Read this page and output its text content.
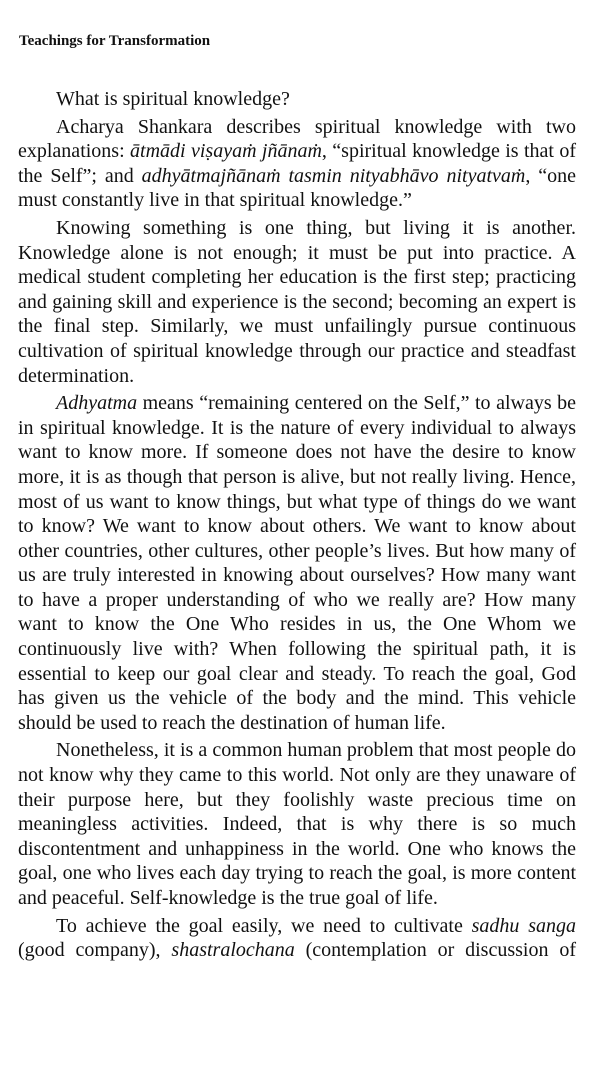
Teachings for Transformation

What is spiritual knowledge?

Acharya Shankara describes spiritual knowledge with two explanations: ātmādi viṣayaṁ jñānaṁ, “spiritual knowledge is that of the Self”; and adhyātmajñānaṁ tasmin nityabhāvo nityatvaṁ, “one must constantly live in that spiritual knowledge.”

Knowing something is one thing, but living it is another. Knowledge alone is not enough; it must be put into practice. A medical student completing her education is the first step; practicing and gaining skill and experience is the second; becoming an expert is the final step. Similarly, we must unfailingly pursue continuous cultivation of spiritual knowledge through our practice and steadfast determination.

Adhyatma means “remaining centered on the Self,” to always be in spiritual knowledge. It is the nature of every individual to always want to know more. If someone does not have the desire to know more, it is as though that person is alive, but not really living. Hence, most of us want to know things, but what type of things do we want to know? We want to know about others. We want to know about other countries, other cultures, other people’s lives. But how many of us are truly interested in knowing about ourselves? How many want to have a proper understanding of who we really are? How many want to know the One Who resides in us, the One Whom we continuously live with? When following the spiritual path, it is essential to keep our goal clear and steady. To reach the goal, God has given us the vehicle of the body and the mind. This vehicle should be used to reach the destination of human life.

Nonetheless, it is a common human problem that most people do not know why they came to this world. Not only are they unaware of their purpose here, but they foolishly waste precious time on meaningless activities. Indeed, that is why there is so much discontentment and unhappiness in the world. One who knows the goal, one who lives each day trying to reach the goal, is more content and peaceful. Self-knowledge is the true goal of life.

To achieve the goal easily, we need to cultivate sadhu sanga (good company), shastralochana (contemplation or discussion of
